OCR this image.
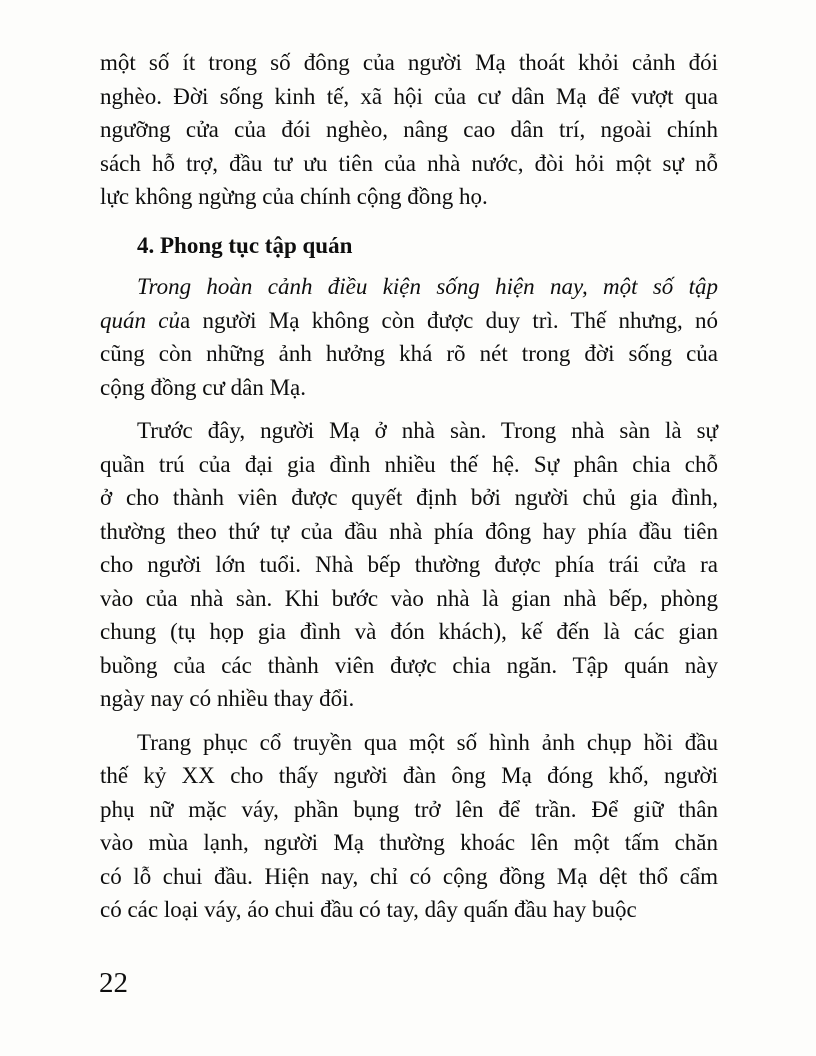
một số ít trong số đông của người Mạ thoát khỏi cảnh đói
nghèo. Đời sống kinh tế, xã hội của cư dân Mạ để vượt qua
ngưỡng cửa của đói nghèo, nâng cao dân trí, ngoài chính
sách hỗ trợ, đầu tư ưu tiên của nhà nước, đòi hỏi một sự nỗ
lực không ngừng của chính cộng đồng họ.
4. Phong tục tập quán
Trong hoàn cảnh điều kiện sống hiện nay, một số tập
quán của người Mạ không còn được duy trì. Thế nhưng, nó
cũng còn những ảnh hưởng khá rõ nét trong đời sống của
cộng đồng cư dân Mạ.
Trước đây, người Mạ ở nhà sàn. Trong nhà sàn là sự
quần trú của đại gia đình nhiều thế hệ. Sự phân chia chỗ
ở cho thành viên được quyết định bởi người chủ gia đình,
thường theo thứ tự của đầu nhà phía đông hay phía đầu tiên
cho người lớn tuổi. Nhà bếp thường được phía trái cửa ra
vào của nhà sàn. Khi bước vào nhà là gian nhà bếp, phòng
chung (tụ họp gia đình và đón khách), kế đến là các gian
buồng của các thành viên được chia ngăn. Tập quán này
ngày nay có nhiều thay đổi.
Trang phục cổ truyền qua một số hình ảnh chụp hồi đầu
thế kỷ XX cho thấy người đàn ông Mạ đóng khố, người
phụ nữ mặc váy, phần bụng trở lên để trần. Để giữ thân
vào mùa lạnh, người Mạ thường khoác lên một tấm chăn
có lỗ chui đầu. Hiện nay, chỉ có cộng đồng Mạ dệt thổ cẩm
có các loại váy, áo chui đầu có tay, dây quấn đầu hay buộc
22
